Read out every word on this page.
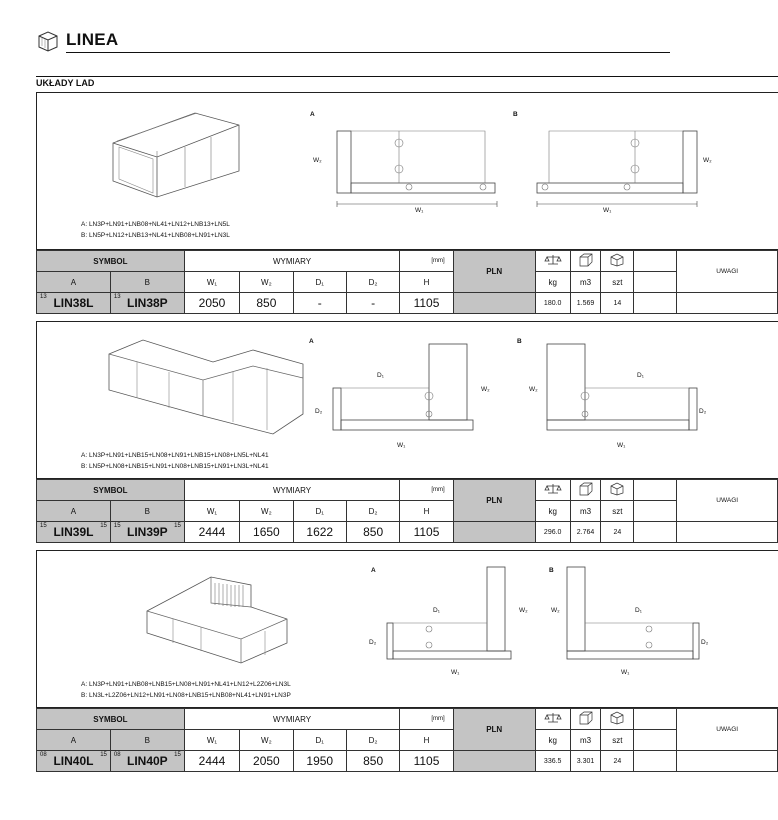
LINEA
UKŁADY LAD
A	B
W₂
W₁
W₂
W₁
A: LN3P+LN91+LNB08+NL41+LN12+LNB13+LN5L
B: LN5P+LN12+LNB13+NL41+LNB08+LN91+LN3L
SYMBOL		WYMIARY				[mm]	PLN					UWAGI
A	B	W₁	W₂	D₁	D₂	H		kg	m3	szt		

13 LIN38L	13 LIN38P	2050	850	-	-	1105		180.0	1.569	14		
A	B
D₁
W₂
D₂
W₁
D₁
W₂
D₂
W₁
A: LN3P+LN91+LNB15+LN08+LN91+LNB15+LN08+LN5L+NL41
B: LN5P+LN08+LNB15+LN91+LN08+LNB15+LN91+LN3L+NL41
SYMBOL		WYMIARY				[mm]	PLN					UWAGI
A	B	W₁	W₂	D₁	D₂	H		kg	m3	szt		

15 LIN39L 15	15 LIN39P 15	2444	1650	1622	850	1105		296.0	2.764	24		
A	B
D₁	W₂
D₂
W₁
D₁
W₂
D₂
W₁
A: LN3P+LN91+LNB08+LNB15+LN08+LN91+NL41+LN12+L2Z06+LN3L
B: LN3L+L2Z06+LN12+LN91+LN08+LNB15+LNB08+NL41+LN91+LN3P
SYMBOL		WYMIARY				[mm]	PLN					UWAGI
A	B	W₁	W₂	D₁	D₂	H		kg	m3	szt		

08 LIN40L 15	08 LIN40P 15	2444	2050	1950	850	1105		336.5	3.301	24		
